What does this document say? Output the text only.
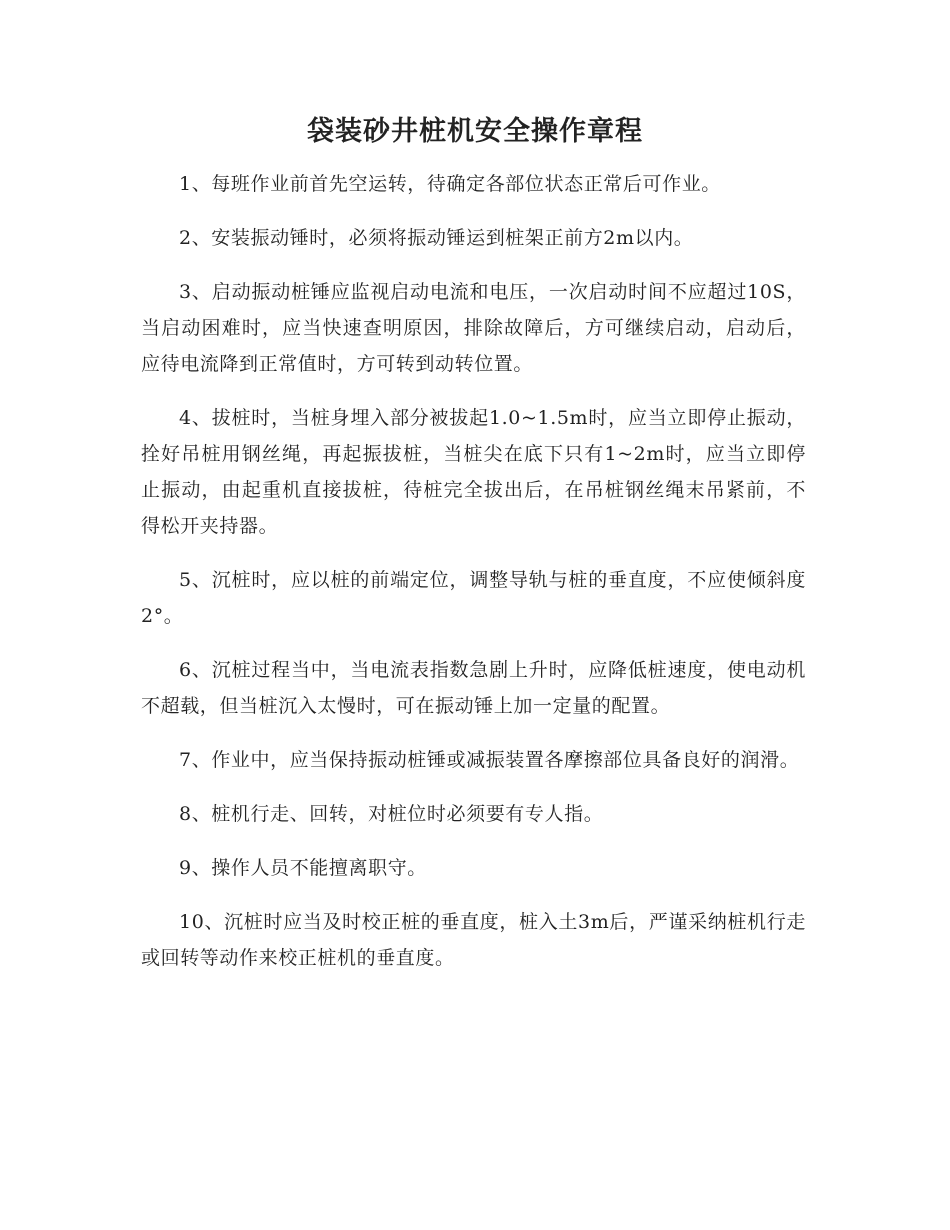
袋装砂井桩机安全操作章程

1、每班作业前首先空运转，待确定各部位状态正常后可作业。

2、安装振动锤时，必须将振动锤运到桩架正前方2m以内。

3、启动振动桩锤应监视启动电流和电压，一次启动时间不应超过10S，当启动困难时，应当快速查明原因，排除故障后，方可继续启动，启动后，应待电流降到正常值时，方可转到动转位置。

4、拔桩时，当桩身埋入部分被拔起1.0~1.5m时，应当立即停止振动，拴好吊桩用钢丝绳，再起振拔桩，当桩尖在底下只有1~2m时，应当立即停止振动，由起重机直接拔桩，待桩完全拔出后，在吊桩钢丝绳末吊紧前，不得松开夹持器。

5、沉桩时，应以桩的前端定位，调整导轨与桩的垂直度，不应使倾斜度2°。

6、沉桩过程当中，当电流表指数急剧上升时，应降低桩速度，使电动机不超载，但当桩沉入太慢时，可在振动锤上加一定量的配置。

7、作业中，应当保持振动桩锤或减振装置各摩擦部位具备良好的润滑。

8、桩机行走、回转，对桩位时必须要有专人指。

9、操作人员不能擅离职守。

10、沉桩时应当及时校正桩的垂直度，桩入土3m后，严谨采纳桩机行走或回转等动作来校正桩机的垂直度。
